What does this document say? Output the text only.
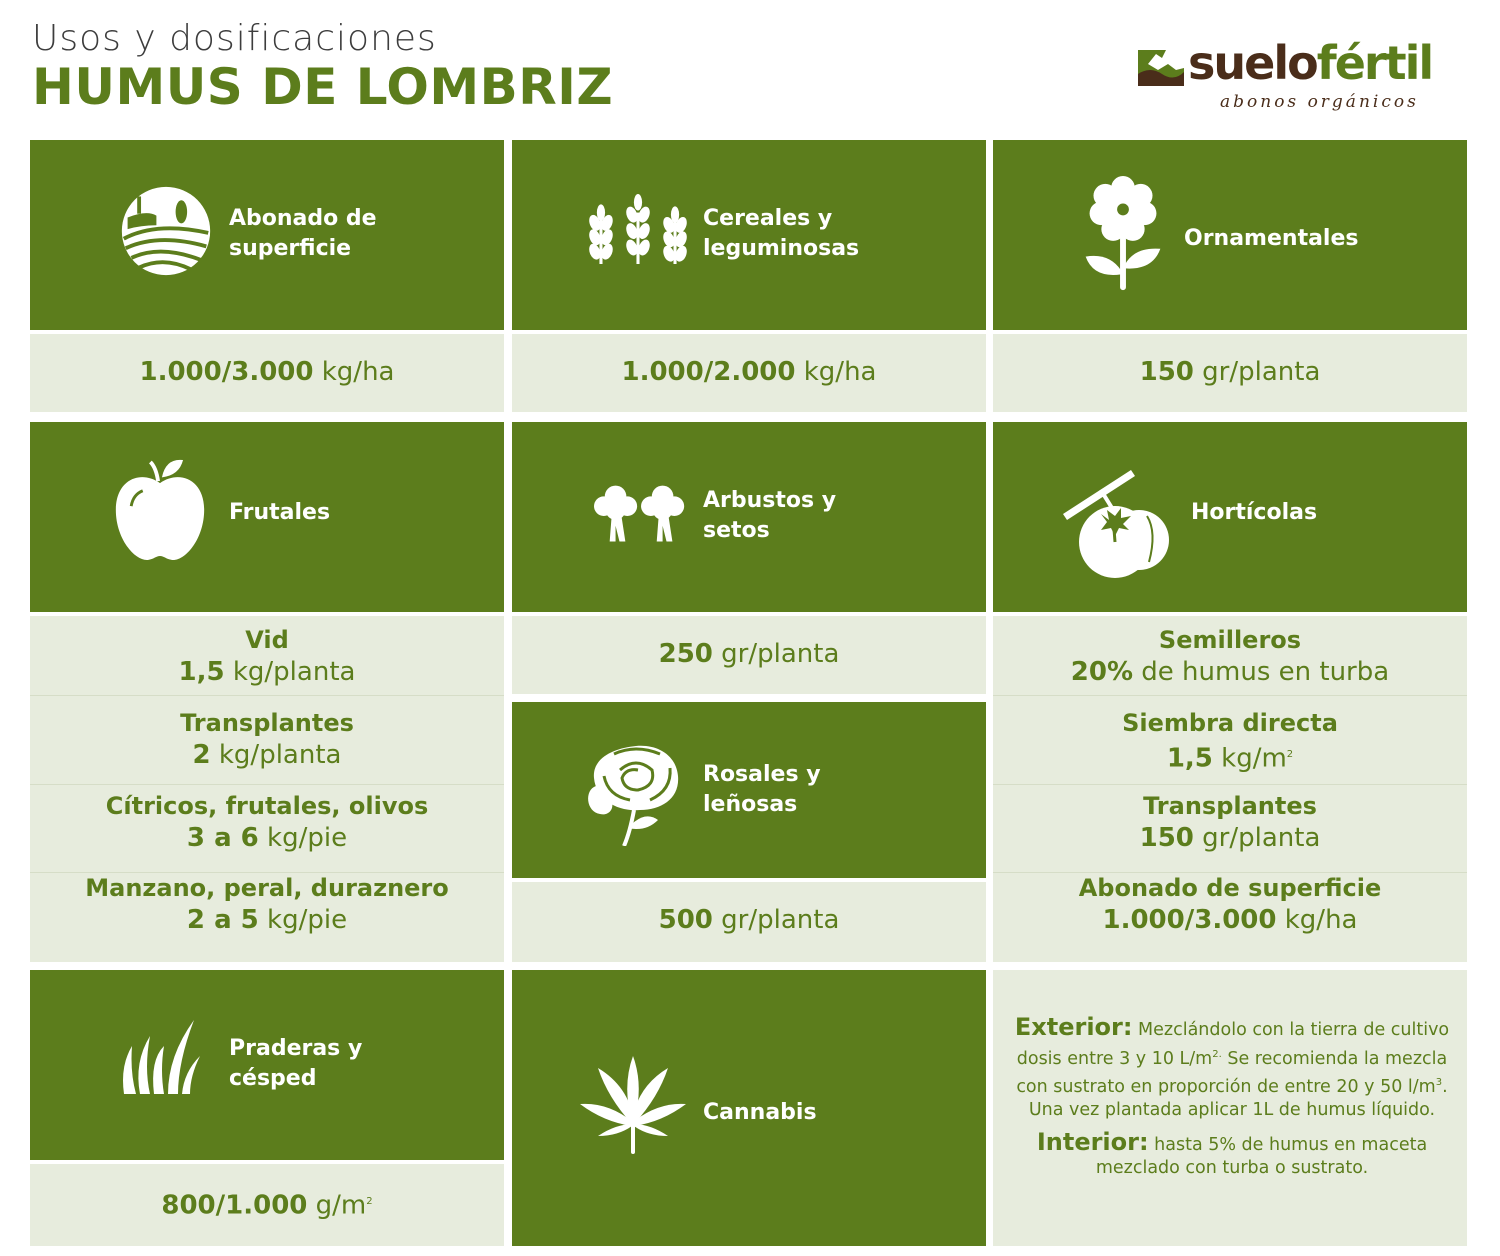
Usos y dosificaciones
HUMUS DE LOMBRIZ	suelofértil
abonos orgánicos
Abonado de
superficie
1.000/3.000 kg/ha
Cereales y
leguminosas
1.000/2.000 kg/ha
Ornamentales
150 gr/planta
Frutales
Vid
1,5 kg/planta
Transplantes
2 kg/planta
Cítricos, frutales, olivos
3 a 6 kg/pie
Manzano, peral, duraznero
2 a 5 kg/pie
Arbustos y
setos
250 gr/planta
Rosales y
leñosas
500 gr/planta
Hortícolas
Semilleros
20% de humus en turba
Siembra directa
1,5 $kg/m^2$
Transplantes
150 gr/planta
Abonado de superficie
1.000/3.000 kg/ha
Praderas y
césped
800/1.000 $g/m^2$
Cannabis

Exterior: Mezclándolo con la tierra de cultivo dosis entre 3 y 10 $L/m^{2.}$ Se recomienda la mezcla con sustrato en proporción de entre 20 y 50 $l/m^3$. Una vez plantada aplicar 1L de humus líquido.

Interior: hasta 5% de humus en maceta mezclado con turba o sustrato.
